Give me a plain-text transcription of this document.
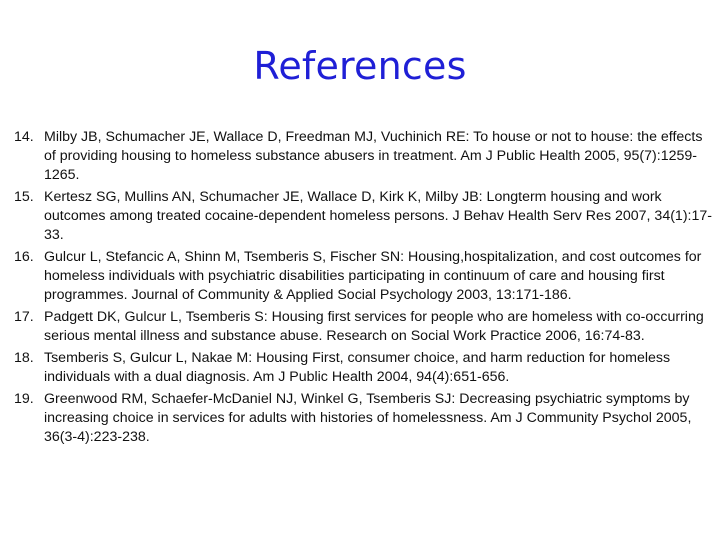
References
14. Milby JB, Schumacher JE, Wallace D, Freedman MJ, Vuchinich RE: To house or not to house: the effects of providing housing to homeless substance abusers in treatment. Am J Public Health 2005, 95(7):1259-1265.
15. Kertesz SG, Mullins AN, Schumacher JE, Wallace D, Kirk K, Milby JB: Longterm housing and work outcomes among treated cocaine-dependent homeless persons. J Behav Health Serv Res 2007, 34(1):17-33.
16. Gulcur L, Stefancic A, Shinn M, Tsemberis S, Fischer SN: Housing,hospitalization, and cost outcomes for homeless individuals with psychiatric disabilities participating in continuum of care and housing first programmes. Journal of Community & Applied Social Psychology 2003, 13:171-186.
17. Padgett DK, Gulcur L, Tsemberis S: Housing first services for people who are homeless with co-occurring serious mental illness and substance abuse. Research on Social Work Practice 2006, 16:74-83.
18. Tsemberis S, Gulcur L, Nakae M: Housing First, consumer choice, and harm reduction for homeless individuals with a dual diagnosis. Am J Public Health 2004, 94(4):651-656.
19. Greenwood RM, Schaefer-McDaniel NJ, Winkel G, Tsemberis SJ: Decreasing psychiatric symptoms by increasing choice in services for adults with histories of homelessness. Am J Community Psychol 2005, 36(3-4):223-238.
